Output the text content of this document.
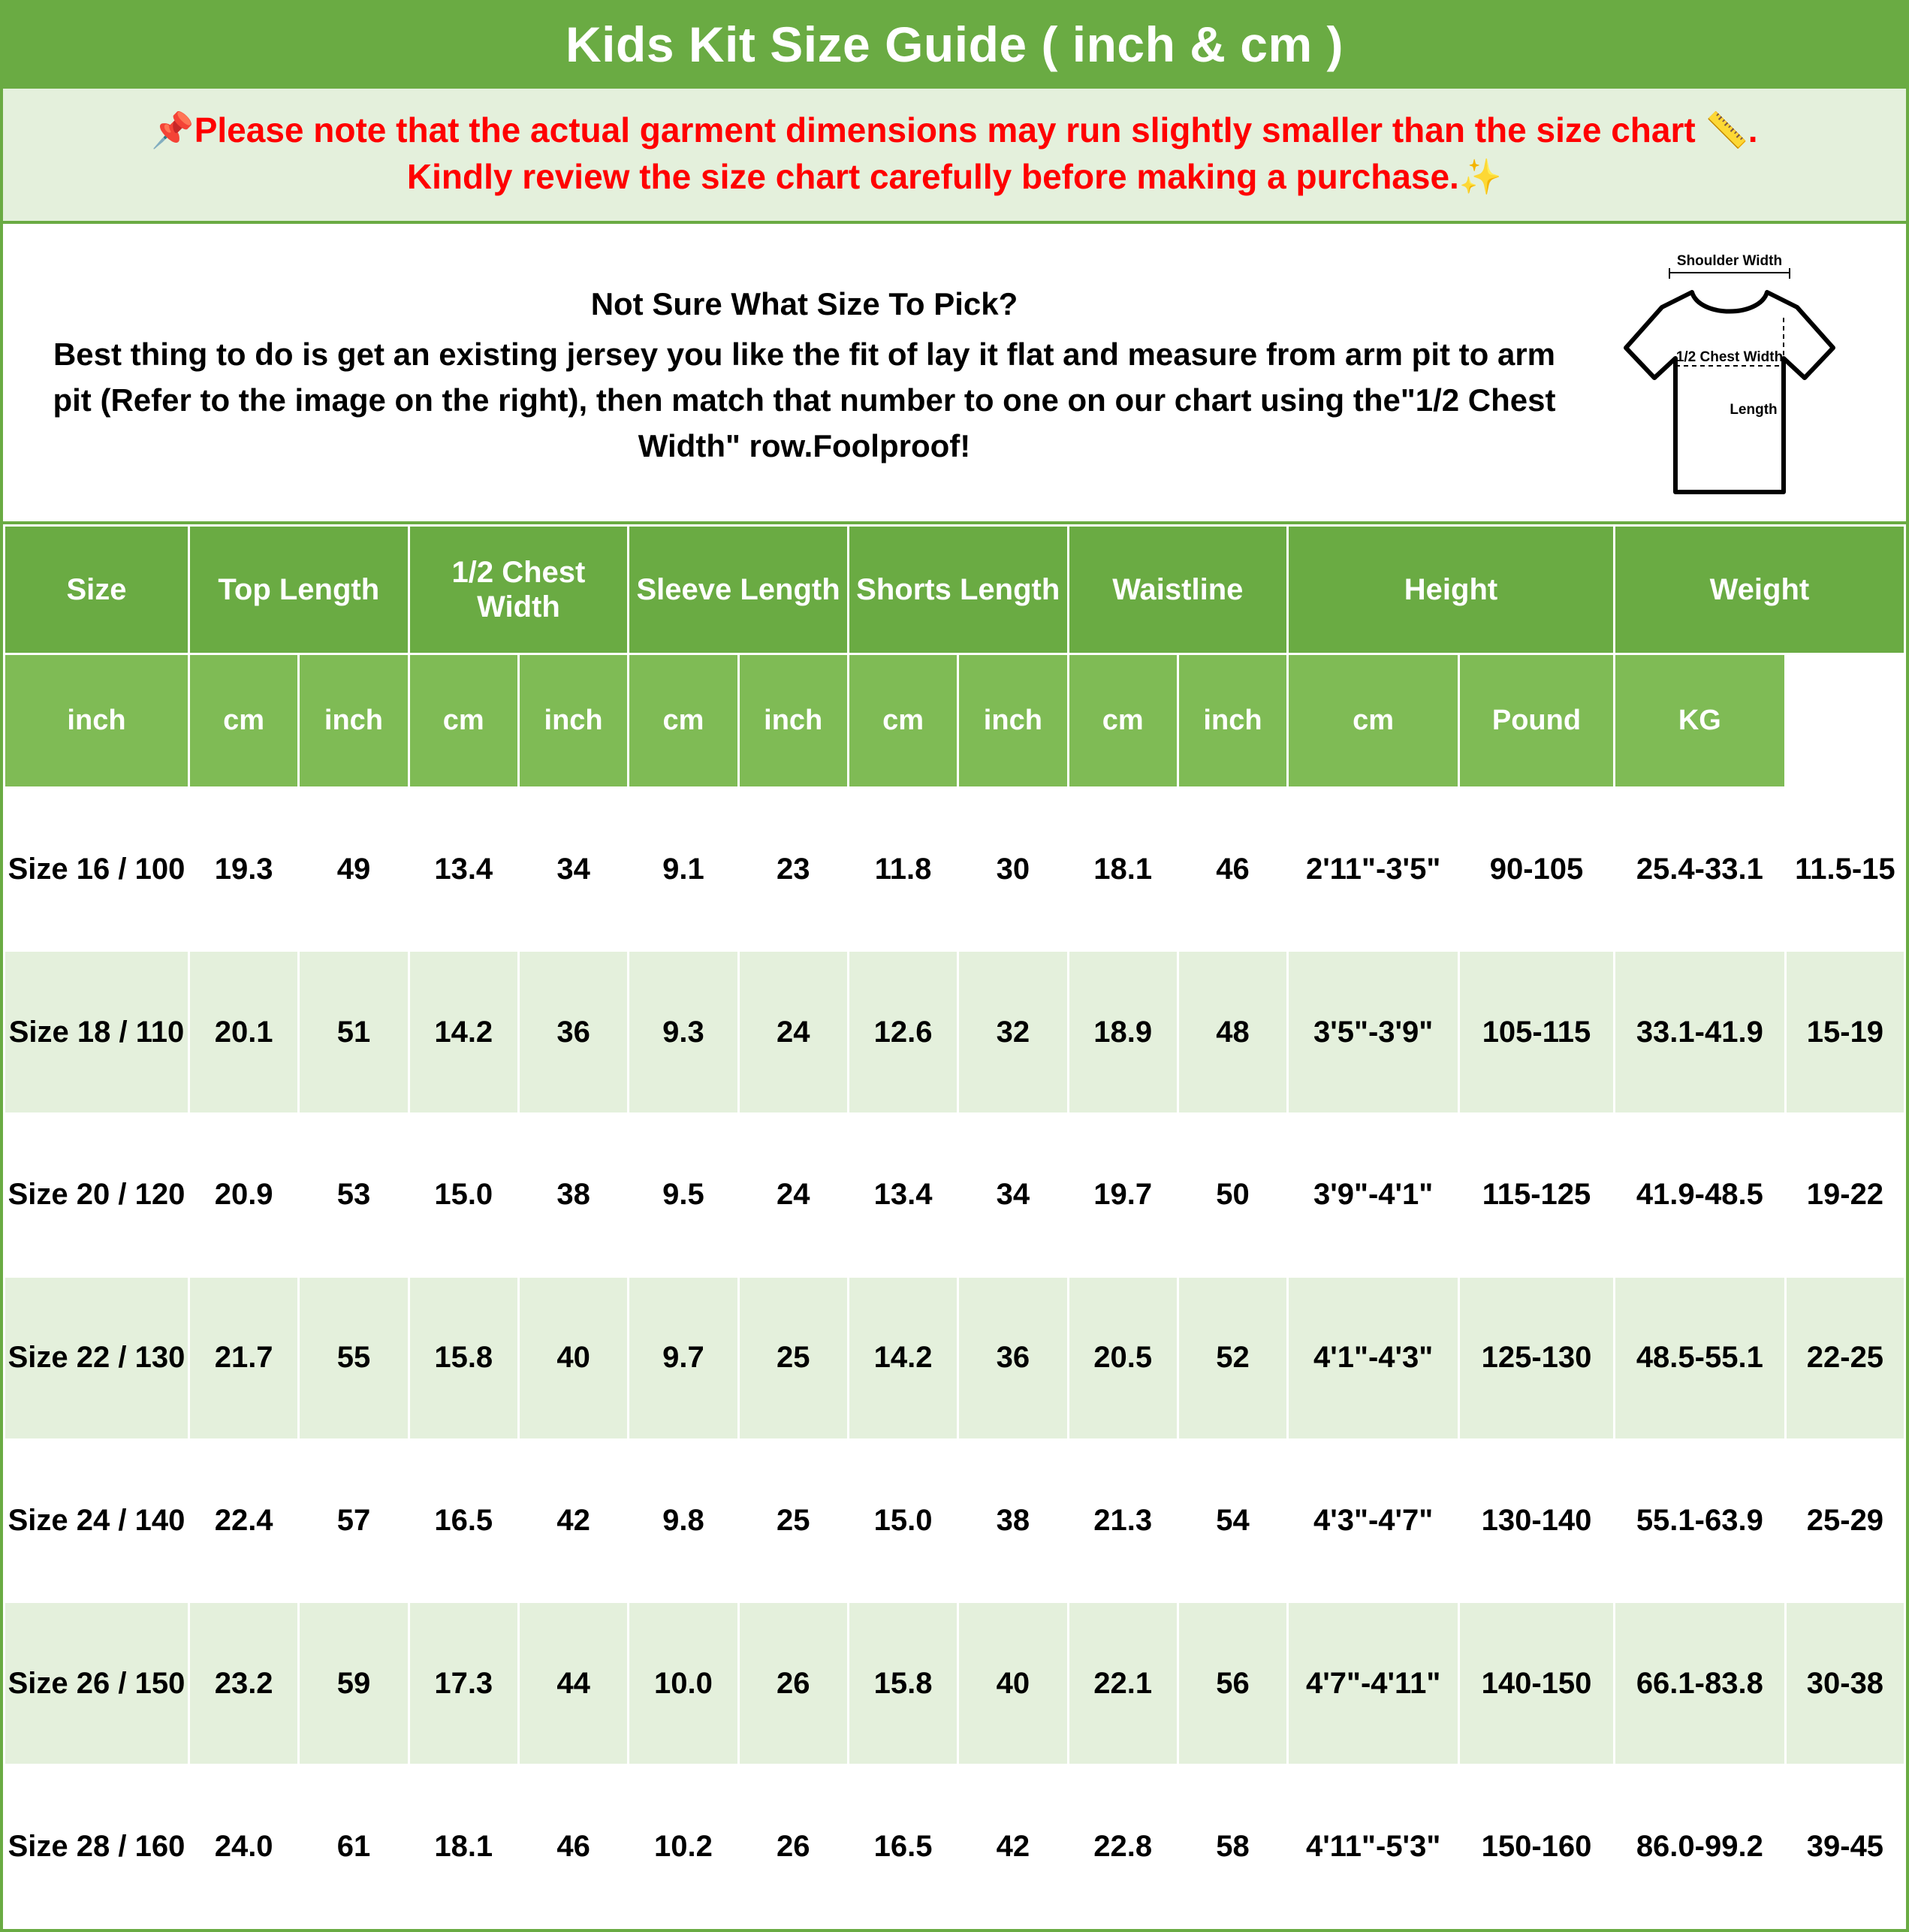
Kids Kit Size Guide ( inch & cm )
📌Please note that the actual garment dimensions may run slightly smaller than the size chart 📏.
Kindly review the size chart carefully before making a purchase.✨
Not Sure What Size To Pick?
Best thing to do is get an existing jersey you like the fit of lay it flat and measure from arm pit to arm pit (Refer to the image on the right), then match that number to one on our chart using the"1/2 Chest Width" row.Foolproof!
Shoulder Width
1/2 Chest Width
Length
Size	Top Length		1/2 Chest Width		Sleeve Length		Shorts Length		Waistline		Height		Weight	
inch	cm	inch	cm	inch	cm	inch	cm	inch	cm	inch	cm	Pound	KG	
Size 16 / 100	19.3	49	13.4	34	9.1	23	11.8	30	18.1	46	2'11"-3'5"	90-105	25.4-33.1	11.5-15
Size 18 / 110	20.1	51	14.2	36	9.3	24	12.6	32	18.9	48	3'5"-3'9"	105-115	33.1-41.9	15-19
Size 20 / 120	20.9	53	15.0	38	9.5	24	13.4	34	19.7	50	3'9"-4'1"	115-125	41.9-48.5	19-22
Size 22 / 130	21.7	55	15.8	40	9.7	25	14.2	36	20.5	52	4'1"-4'3"	125-130	48.5-55.1	22-25
Size 24 / 140	22.4	57	16.5	42	9.8	25	15.0	38	21.3	54	4'3"-4'7"	130-140	55.1-63.9	25-29
Size 26 / 150	23.2	59	17.3	44	10.0	26	15.8	40	22.1	56	4'7"-4'11"	140-150	66.1-83.8	30-38
Size 28 / 160	24.0	61	18.1	46	10.2	26	16.5	42	22.8	58	4'11"-5'3"	150-160	86.0-99.2	39-45
